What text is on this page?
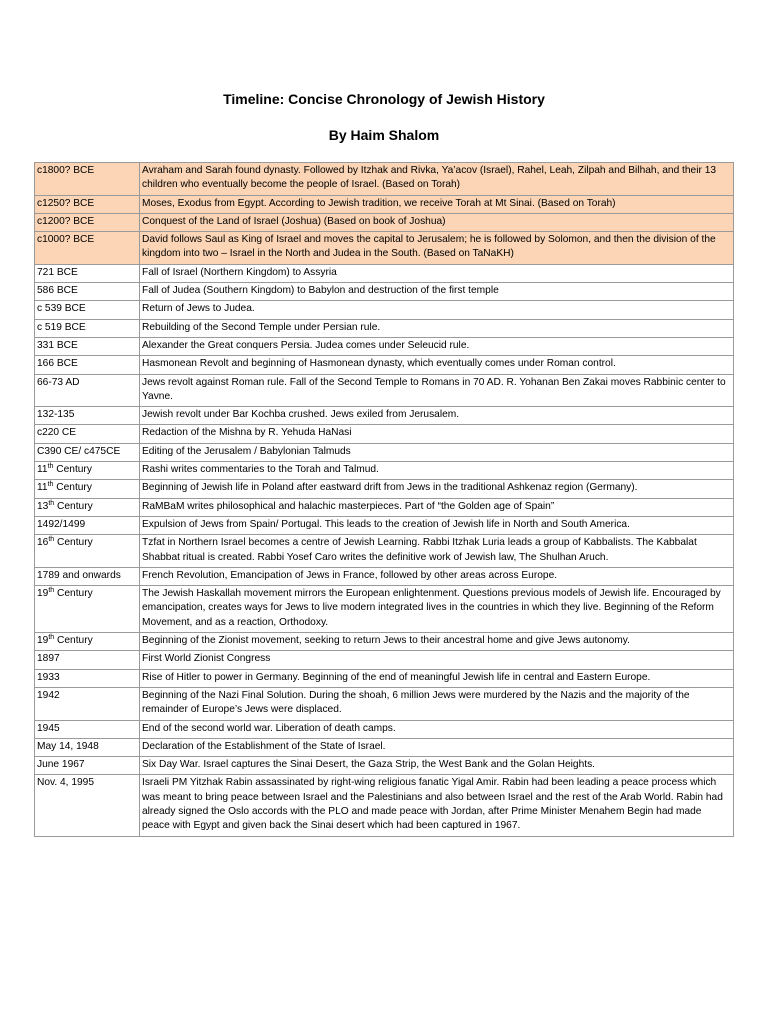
Timeline: Concise Chronology of Jewish History
By Haim Shalom
c1800? BCE	Avraham and Sarah found dynasty. Followed by Itzhak and Rivka, Ya’acov (Israel), Rahel, Leah, Zilpah and Bilhah, and their 13 children who eventually become the people of Israel. (Based on Torah)
c1250? BCE	Moses, Exodus from Egypt. According to Jewish tradition, we receive Torah at Mt Sinai. (Based on Torah)
c1200? BCE	Conquest of the Land of Israel (Joshua) (Based on book of Joshua)
c1000? BCE	David follows Saul as King of Israel and moves the capital to Jerusalem; he is followed by Solomon, and then the division of the kingdom into two – Israel in the North and Judea in the South. (Based on TaNaKH)
721 BCE	Fall of Israel (Northern Kingdom) to Assyria
586 BCE	Fall of Judea (Southern Kingdom) to Babylon and destruction of the first temple
c 539 BCE	Return of Jews to Judea.
c 519 BCE	Rebuilding of the Second Temple under Persian rule.
331 BCE	Alexander the Great conquers Persia. Judea comes under Seleucid rule.
166 BCE	Hasmonean Revolt and beginning of Hasmonean dynasty, which eventually comes under Roman control.
66-73 AD	Jews revolt against Roman rule. Fall of the Second Temple to Romans in 70 AD. R. Yohanan Ben Zakai moves Rabbinic center to Yavne.
132-135	Jewish revolt under Bar Kochba crushed. Jews exiled from Jerusalem.
c220 CE	Redaction of the Mishna by R. Yehuda HaNasi
C390 CE/ c475CE	Editing of the Jerusalem / Babylonian Talmuds
11th Century	Rashi writes commentaries to the Torah and Talmud.
11th Century	Beginning of Jewish life in Poland after eastward drift from Jews in the traditional Ashkenaz region (Germany).
13th Century	RaMBaM writes philosophical and halachic masterpieces. Part of “the Golden age of Spain”
1492/1499	Expulsion of Jews from Spain/ Portugal. This leads to the creation of Jewish life in North and South America.
16th Century	Tzfat in Northern Israel becomes a centre of Jewish Learning. Rabbi Itzhak Luria leads a group of Kabbalists. The Kabbalat Shabbat ritual is created. Rabbi Yosef Caro writes the definitive work of Jewish law, The Shulhan Aruch.
1789 and onwards	French Revolution, Emancipation of Jews in France, followed by other areas across Europe.
19th Century	The Jewish Haskallah movement mirrors the European enlightenment. Questions previous models of Jewish life. Encouraged by emancipation, creates ways for Jews to live modern integrated lives in the countries in which they live. Beginning of the Reform Movement, and as a reaction, Orthodoxy.
19th Century	Beginning of the Zionist movement, seeking to return Jews to their ancestral home and give Jews autonomy.
1897	First World Zionist Congress
1933	Rise of Hitler to power in Germany. Beginning of the end of meaningful Jewish life in central and Eastern Europe.
1942	Beginning of the Nazi Final Solution. During the shoah, 6 million Jews were murdered by the Nazis and the majority of the remainder of Europe’s Jews were displaced.
1945	End of the second world war. Liberation of death camps.
May 14, 1948	Declaration of the Establishment of the State of Israel.
June 1967	Six Day War. Israel captures the Sinai Desert, the Gaza Strip, the West Bank and the Golan Heights.
Nov. 4, 1995	Israeli PM Yitzhak Rabin assassinated by right-wing religious fanatic Yigal Amir. Rabin had been leading a peace process which was meant to bring peace between Israel and the Palestinians and also between Israel and the rest of the Arab World. Rabin had already signed the Oslo accords with the PLO and made peace with Jordan, after Prime Minister Menahem Begin had made peace with Egypt and given back the Sinai desert which had been captured in 1967.
